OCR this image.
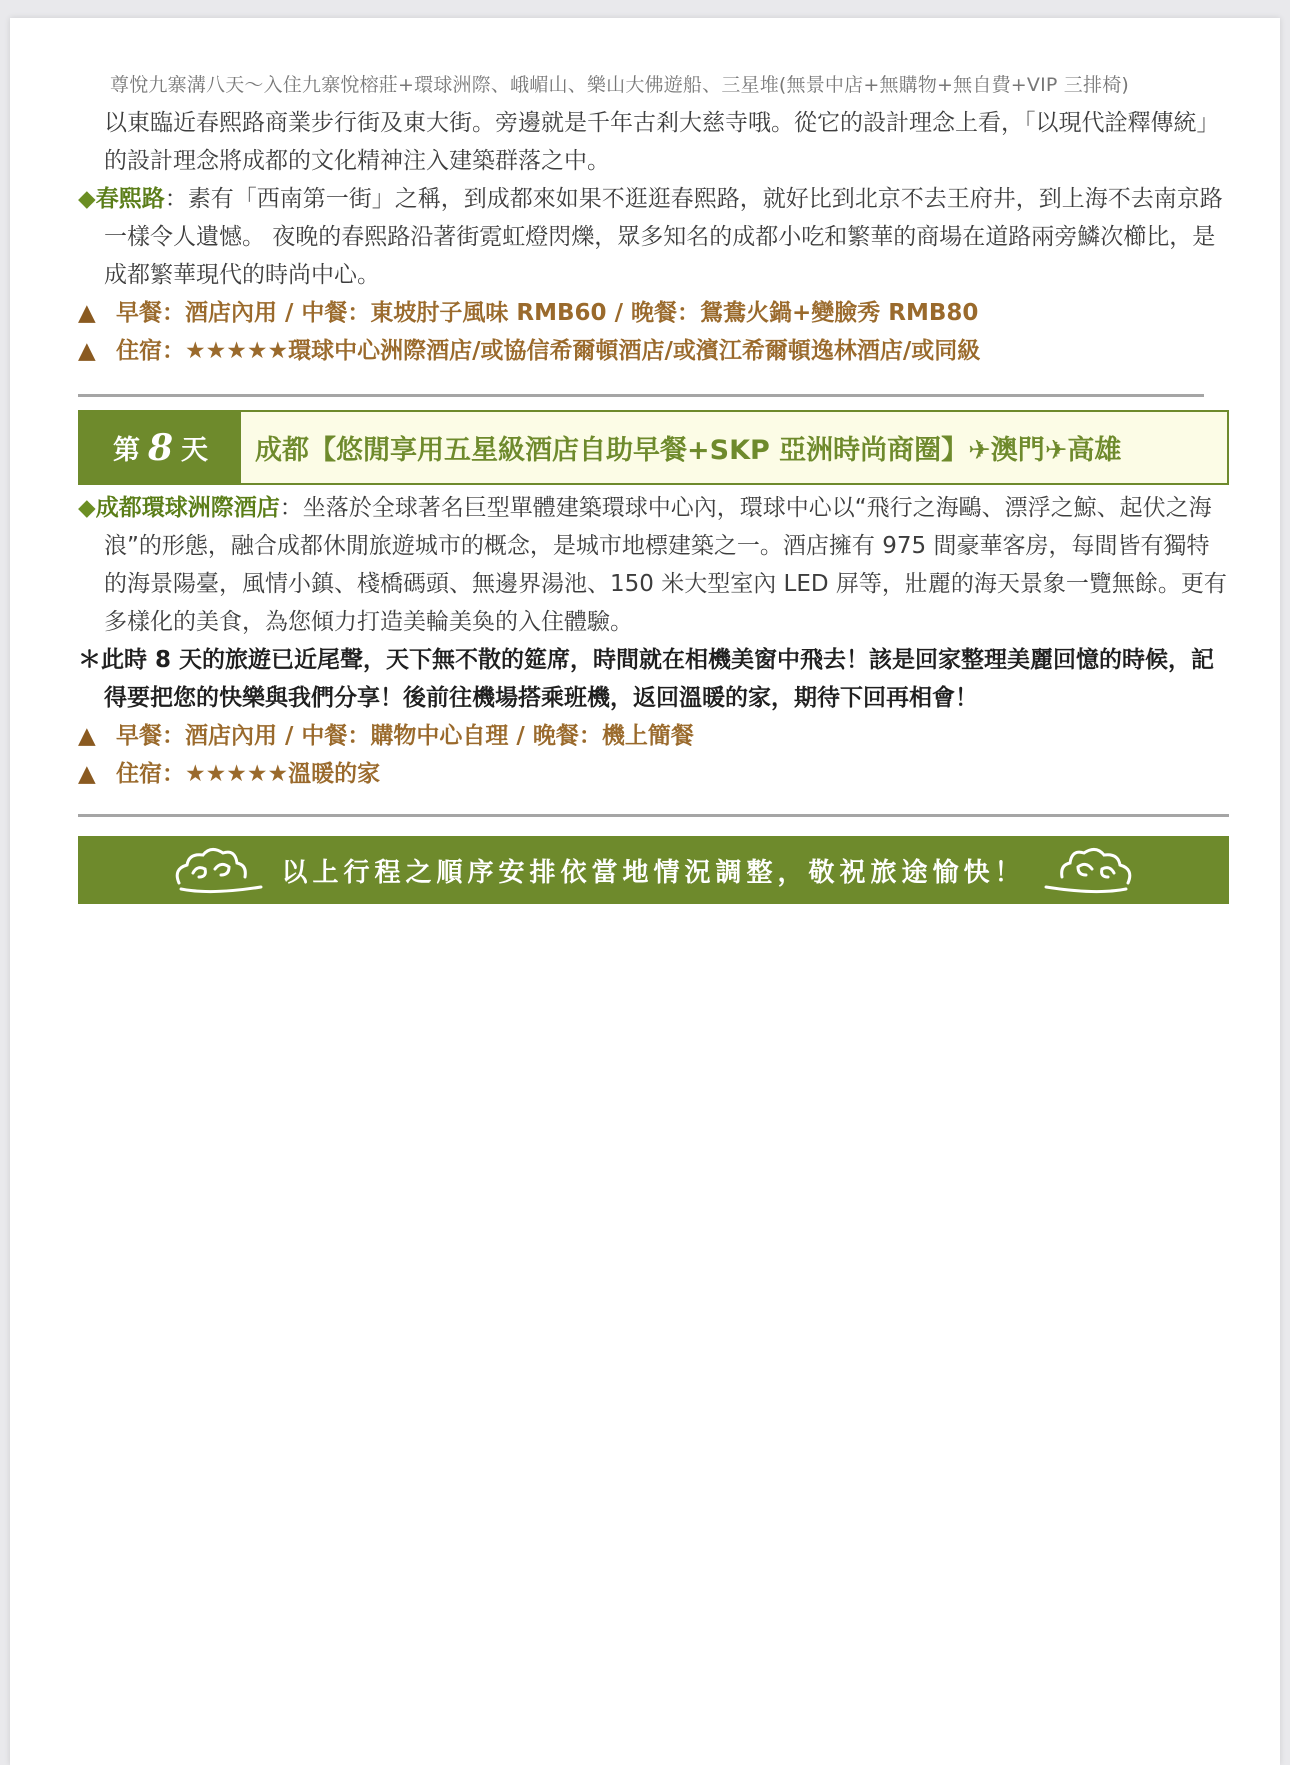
尊悅九寨溝八天～入住九寨悅榕莊+環球洲際、峨嵋山、樂山大佛遊船、三星堆(無景中店+無購物+無自費+VIP 三排椅)

以東臨近春熙路商業步行街及東大街。旁邊就是千年古剎大慈寺哦。從它的設計理念上看，「以現代詮釋傳統」的設計理念將成都的文化精神注入建築群落之中。

◆春熙路：素有「西南第一街」之稱，到成都來如果不逛逛春熙路，就好比到北京不去王府井，到上海不去南京路一樣令人遺憾。 夜晚的春熙路沿著街霓虹燈閃爍，眾多知名的成都小吃和繁華的商場在道路兩旁鱗次櫛比，是成都繁華現代的時尚中心。

▲ 早餐：酒店內用 / 中餐：東坡肘子風味 RMB60 / 晚餐：鴛鴦火鍋+變臉秀 RMB80

▲ 住宿：★★★★★環球中心洲際酒店/或協信希爾頓酒店/或濱江希爾頓逸林酒店/或同級

第 8 天	成都【悠閒享用五星級酒店自助早餐+SKP 亞洲時尚商圈】✈澳門✈高雄

◆成都環球洲際酒店：坐落於全球著名巨型單體建築環球中心內，環球中心以“飛行之海鷗、漂浮之鯨、起伏之海浪”的形態，融合成都休閒旅遊城市的概念，是城市地標建築之一。酒店擁有 975 間豪華客房，每間皆有獨特的海景陽臺，風情小鎮、棧橋碼頭、無邊界湯池、150 米大型室內 LED 屏等，壯麗的海天景象一覽無餘。更有多樣化的美食，為您傾力打造美輪美奐的入住體驗。

＊此時 8 天的旅遊已近尾聲，天下無不散的筵席，時間就在相機美窗中飛去！該是回家整理美麗回憶的時候，記得要把您的快樂與我們分享！後前往機場搭乘班機，返回溫暖的家，期待下回再相會！

▲ 早餐：酒店內用 / 中餐：購物中心自理 / 晚餐：機上簡餐

▲ 住宿：★★★★★溫暖的家

以上行程之順序安排依當地情況調整，敬祝旅途愉快！
